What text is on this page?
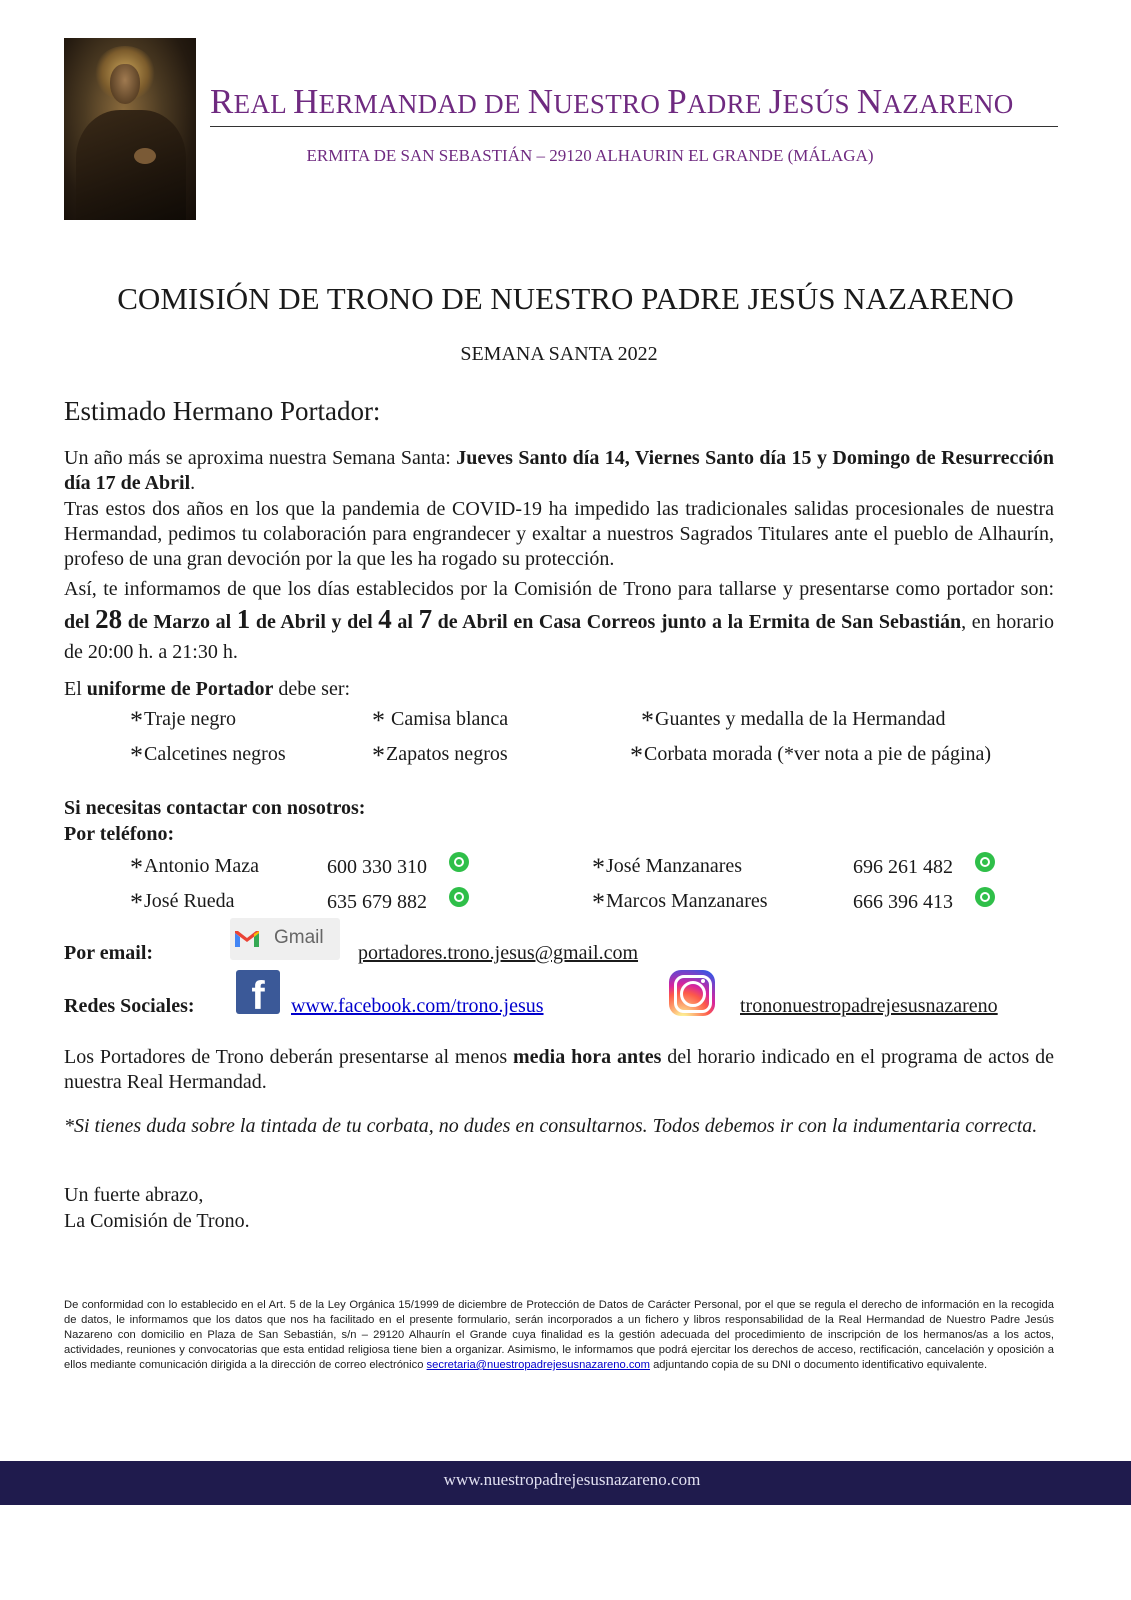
REAL HERMANDAD DE NUESTRO PADRE JESÚS NAZARENO
ERMITA DE SAN SEBASTIÁN – 29120 ALHAURIN EL GRANDE (MÁLAGA)
COMISIÓN DE TRONO DE NUESTRO PADRE JESÚS NAZARENO
SEMANA SANTA 2022
Estimado Hermano Portador:
Un año más se aproxima nuestra Semana Santa: Jueves Santo día 14, Viernes Santo día 15 y Domingo de Resurrección día 17 de Abril.
Tras estos dos años en los que la pandemia de COVID-19 ha impedido las tradicionales salidas procesionales de nuestra Hermandad, pedimos tu colaboración para engrandecer y exaltar a nuestros Sagrados Titulares ante el pueblo de Alhaurín, profeso de una gran devoción por la que les ha rogado su protección.
Así, te informamos de que los días establecidos por la Comisión de Trono para tallarse y presentarse como portador son: del 28 de Marzo al 1 de Abril y del 4 al 7 de Abril en Casa Correos junto a la Ermita de San Sebastián, en horario de 20:00 h. a 21:30 h.
El uniforme de Portador debe ser:
*Traje negro	* Camisa blanca	*Guantes y medalla de la Hermandad
*Calcetines negros	*Zapatos negros	*Corbata morada (*ver nota a pie de página)
Si necesitas contactar con nosotros:
Por teléfono:
*Antonio Maza	600 330 310	*José Manzanares	696 261 482
*José Rueda	635 679 882	*Marcos Manzanares	666 396 413
Por email:
Gmail
portadores.trono.jesus@gmail.com
Redes Sociales:	f	www.facebook.com/trono.jesus	trononuestropadrejesusnazareno
Los Portadores de Trono deberán presentarse al menos media hora antes del horario indicado en el programa de actos de nuestra Real Hermandad.
*Si tienes duda sobre la tintada de tu corbata, no dudes en consultarnos. Todos debemos ir con la indumentaria correcta.
Un fuerte abrazo,
La Comisión de Trono.
De conformidad con lo establecido en el Art. 5 de la Ley Orgánica 15/1999 de diciembre de Protección de Datos de Carácter Personal, por el que se regula el derecho de información en la recogida de datos, le informamos que los datos que nos ha facilitado en el presente formulario, serán incorporados a un fichero y libros responsabilidad de la Real Hermandad de Nuestro Padre Jesús Nazareno con domicilio en Plaza de San Sebastián, s/n – 29120 Alhaurín el Grande cuya finalidad es la gestión adecuada del procedimiento de inscripción de los hermanos/as a los actos, actividades, reuniones y convocatorias que esta entidad religiosa tiene bien a organizar. Asimismo, le informamos que podrá ejercitar los derechos de acceso, rectificación, cancelación y oposición a ellos mediante comunicación dirigida a la dirección de correo electrónico secretaria@nuestropadrejesusnazareno.com adjuntando copia de su DNI o documento identificativo equivalente.
www.nuestropadrejesusnazareno.com
